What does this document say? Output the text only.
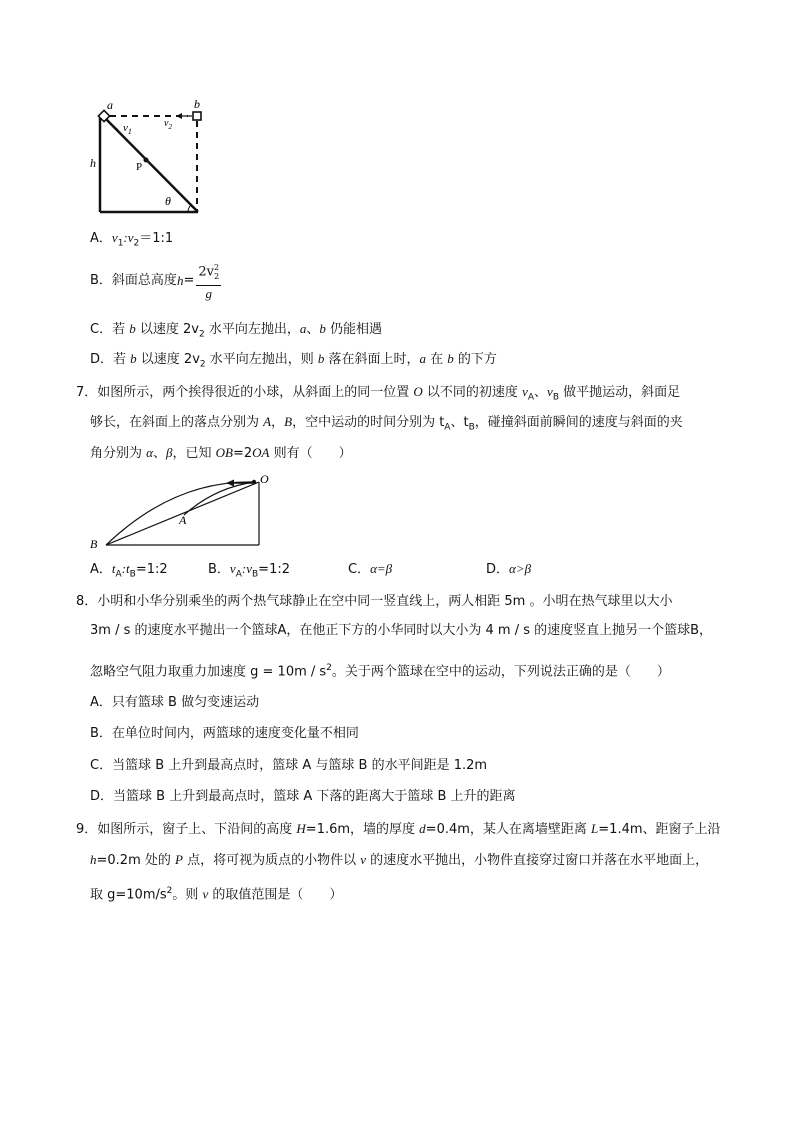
a	b
h	P
θ
$v_1$
$v_2$
A．$v_1:v_2=1:1$
B．斜面总高度$h= \frac{2v^2_2}{g}$
C．若 b 以速度 $2v_2$ 水平向左抛出，a、b 仍能相遇
D．若 b 以速度 $2v_2$ 水平向左抛出，则 b 落在斜面上时，a 在 b 的下方
7．如图所示，两个挨得很近的小球，从斜面上的同一位置 O 以不同的初速度 $v_A$、$v_B$ 做平抛运动，斜面足
够长，在斜面上的落点分别为 A，B，空中运动的时间分别为 $t_A$、$t_B$，碰撞斜面前瞬间的速度与斜面的夹
角分别为 α、β，已知 OB=2OA 则有（　　）
O
A
B
A．$t_A:t_B=1:2$	B．$v_A:v_B=1:2$	C．α=β	D．α>β
8．小明和小华分别乘坐的两个热气球静止在空中同一竖直线上，两人相距 5m 。小明在热气球里以大小
3m / s 的速度水平抛出一个篮球A，在他正下方的小华同时以大小为 4 m / s 的速度竖直上抛另一个篮球B，
忽略空气阻力取重力加速度 $g = 10m / s^2$。关于两个篮球在空中的运动，下列说法正确的是（　　）
A．只有篮球 B 做匀变速运动
B．在单位时间内，两篮球的速度变化量不相同
C．当篮球 B 上升到最高点时，篮球 A 与篮球 B 的水平间距是 1.2m
D．当篮球 B 上升到最高点时，篮球 A 下落的距离大于篮球 B 上升的距离
9．如图所示，窗子上、下沿间的高度 H=1.6m，墙的厚度 d=0.4m，某人在离墙壁距离 L=1.4m、距窗子上沿
h=0.2m 处的 P 点，将可视为质点的小物件以 v 的速度水平抛出，小物件直接穿过窗口并落在水平地面上，
取 $g=10m/s^2$。则 v 的取值范围是（　　）
